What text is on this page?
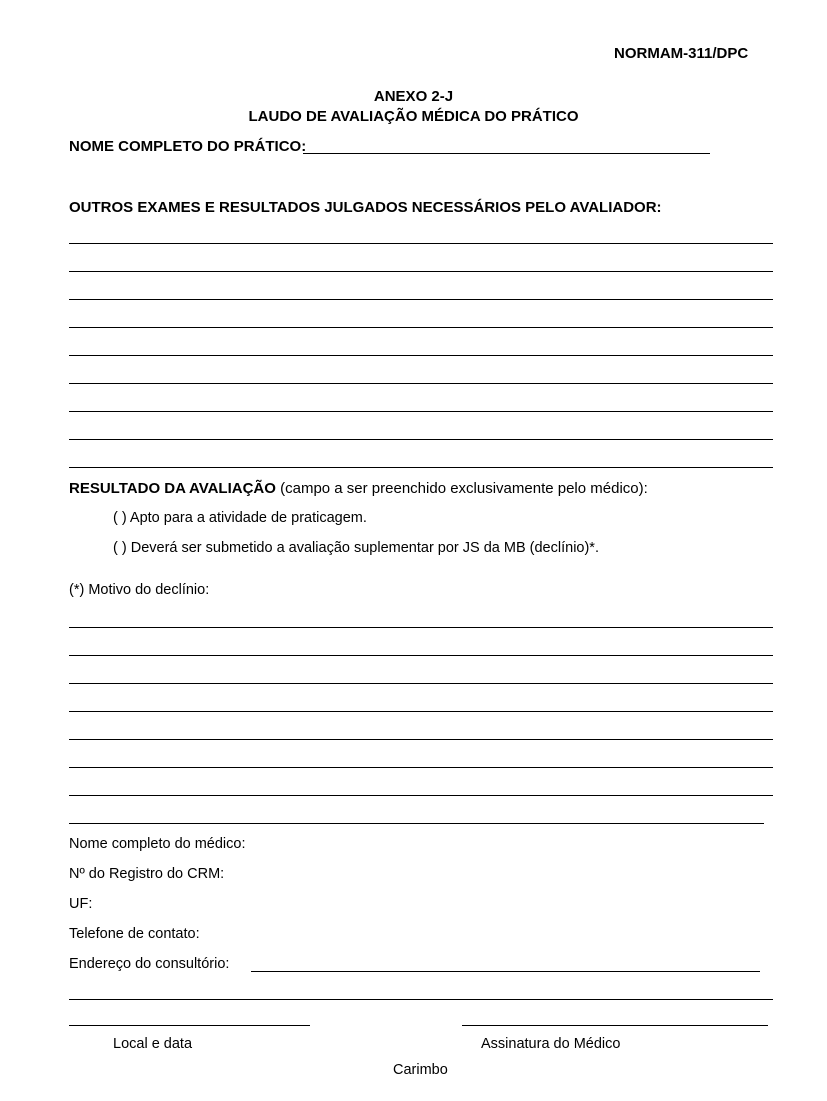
NORMAM-311/DPC
ANEXO 2-J
LAUDO DE AVALIAÇÃO MÉDICA DO PRÁTICO
NOME COMPLETO DO PRÁTICO:
OUTROS EXAMES E RESULTADOS JULGADOS NECESSÁRIOS PELO AVALIADOR:
RESULTADO DA AVALIAÇÃO (campo a ser preenchido exclusivamente pelo médico):
( ) Apto para a atividade de praticagem.
( ) Deverá ser submetido a avaliação suplementar por JS da MB (declínio)*.
(*) Motivo do declínio:
Nome completo do médico:
Nº do Registro do CRM:
UF:
Telefone de contato:
Endereço do consultório:
Local e data	Assinatura do Médico
Carimbo
